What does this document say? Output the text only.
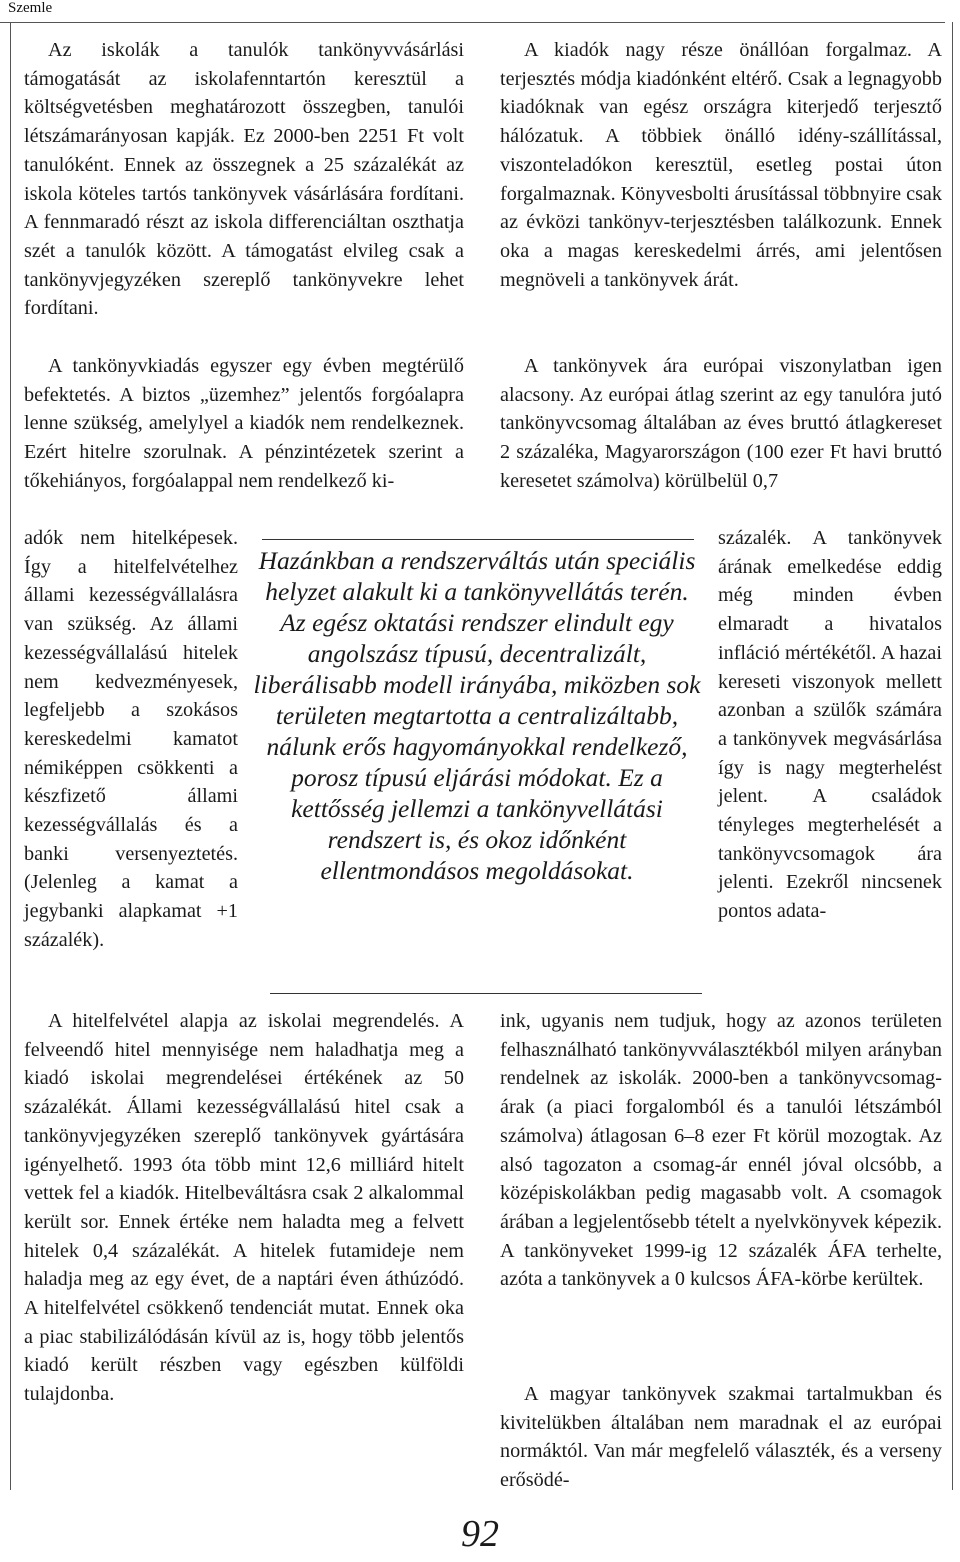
Szemle

Az iskolák a tanulók tankönyvvásárlási támogatását az iskolafenntartón keresztül a költségvetésben meghatározott összegben, tanulói létszámarányosan kapják. Ez 2000-ben 2251 Ft volt tanulóként. Ennek az összegnek a 25 százalékát az iskola köteles tartós tankönyvek vásárlására fordítani. A fennmaradó részt az iskola differenciáltan oszthatja szét a tanulók között. A támogatást elvileg csak a tankönyvjegyzéken szereplő tankönyvekre lehet fordítani.

A tankönyvkiadás egyszer egy évben megtérülő befektetés. A biztos „üzemhez” jelentős forgóalapra lenne szükség, amelylyel a kiadók nem rendelkeznek. Ezért hitelre szorulnak. A pénzintézetek szerint a tőkehiányos, forgóalappal nem rendelkező ki-

adók nem hitelképesek. Így a hitelfelvételhez állami kezességvállalásra van szükség. Az állami kezességvállalású hitelek nem kedvezményesek, legfeljebb a szokásos kereskedelmi kamatot némiképpen csökkenti a készfizető állami kezességvállalás és a banki versenyeztetés. (Jelenleg a kamat a jegybanki alapkamat +1 százalék).

A hitelfelvétel alapja az iskolai megrendelés. A felveendő hitel mennyisége nem haladhatja meg a kiadó iskolai megrendelései értékének az 50 százalékát. Állami kezességvállalású hitel csak a tankönyvjegyzéken szereplő tankönyvek gyártására igényelhető. 1993 óta több mint 12,6 milliárd hitelt vettek fel a kiadók. Hitelbeváltásra csak 2 alkalommal került sor. Ennek értéke nem haladta meg a felvett hitelek 0,4 százalékát. A hitelek futamideje nem haladja meg az egy évet, de a naptári éven áthúzódó. A hitelfelvétel csökkenő tendenciát mutat. Ennek oka a piac stabilizálódásán kívül az is, hogy több jelentős kiadó került részben vagy egészben külföldi tulajdonba.

A kiadók nagy része önállóan forgalmaz. A terjesztés módja kiadónként eltérő. Csak a legnagyobb kiadóknak van egész országra kiterjedő terjesztő hálózatuk. A többiek önálló idény-szállítással, viszonteladókon keresztül, esetleg postai úton forgalmaznak. Könyvesbolti árusítással többnyire csak az évközi tankönyv-terjesztésben találkozunk. Ennek oka a magas kereskedelmi árrés, ami jelentősen megnöveli a tankönyvek árát.

A tankönyvek ára európai viszonylatban igen alacsony. Az európai átlag szerint az egy tanulóra jutó tankönyvcsomag általában az éves bruttó átlagkereset 2 százaléka, Magyarországon (100 ezer Ft havi bruttó keresetet számolva) körülbelül 0,7

százalék. A tankönyvek árának emelkedése eddig még minden évben elmaradt a hivatalos infláció mértékétől. A hazai kereseti viszonyok mellett azonban a szülők számára a tankönyvek megvásárlása így is nagy megterhelést jelent. A családok tényleges megterhelését a tankönyvcsomagok ára jelenti. Ezekről nincsenek pontos adata-

ink, ugyanis nem tudjuk, hogy az azonos területen felhasználható tankönyvválasztékból milyen arányban rendelnek az iskolák. 2000-ben a tankönyvcsomag-árak (a piaci forgalomból és a tanulói létszámból számolva) átlagosan 6–8 ezer Ft körül mozogtak. Az alsó tagozaton a csomag-ár ennél jóval olcsóbb, a középiskolákban pedig magasabb volt. A csomagok árában a legjelentősebb tételt a nyelvkönyvek képezik. A tankönyveket 1999-ig 12 százalék ÁFA terhelte, azóta a tankönyvek a 0 kulcsos ÁFA-körbe kerültek.

A magyar tankönyvek szakmai tartalmukban és kivitelükben általában nem maradnak el az európai normáktól. Van már megfelelő választék, és a verseny erősödé-

Hazánkban a rendszerváltás után speciális helyzet alakult ki a tankönyvellátás terén. Az egész oktatási rendszer elindult egy angolszász típusú, decentralizált, liberálisabb modell irányába, miközben sok területen megtartotta a centralizáltabb, nálunk erős hagyományokkal rendelkező, porosz típusú eljárási módokat. Ez a kettősség jellemzi a tankönyvellátási rendszert is, és okoz időnként ellentmondásos megoldásokat.

92
